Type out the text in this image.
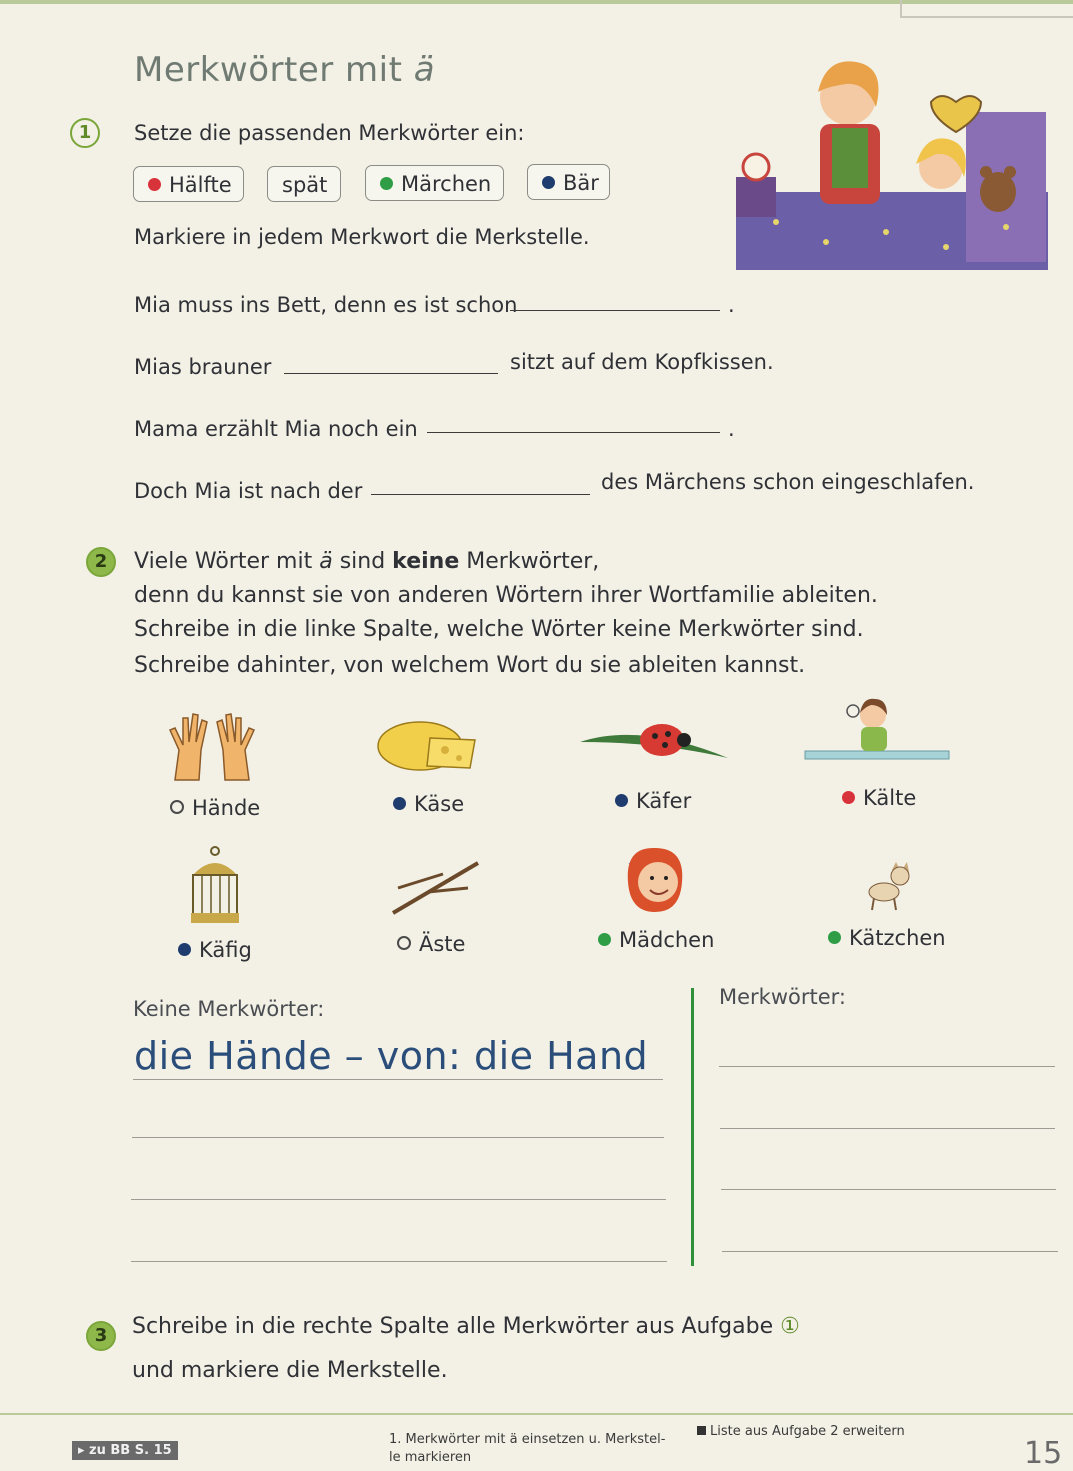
Merkwörter mit ä
1	Setze die passenden Merkwörter ein:
Hälfte	spät	Märchen	Bär
Markiere in jedem Merkwort die Merkstelle.
Mia muss ins Bett, denn es ist schon	.
Mias brauner	sitzt auf dem Kopfkissen.
Mama erzählt Mia noch ein	.
Doch Mia ist nach der	des Märchens schon eingeschlafen.
2	Viele Wörter mit ä sind keine Merkwörter,
denn du kannst sie von anderen Wörtern ihrer Wortfamilie ableiten.
Schreibe in die linke Spalte, welche Wörter keine Merkwörter sind.
Schreibe dahinter, von welchem Wort du sie ableiten kannst.
Hände	Käse	Käfer	Kälte
Käfig	Äste	Mädchen	Kätzchen
Keine Merkwörter:	Merkwörter:
die Hände – von: die Hand
3	Schreibe in die rechte Spalte alle Merkwörter aus Aufgabe ①
und markiere die Merkstelle.
▸ zu BB S. 15
1. Merkwörter mit ä einsetzen u. Merkstel-
le markieren
Liste aus Aufgabe 2 erweitern
15
